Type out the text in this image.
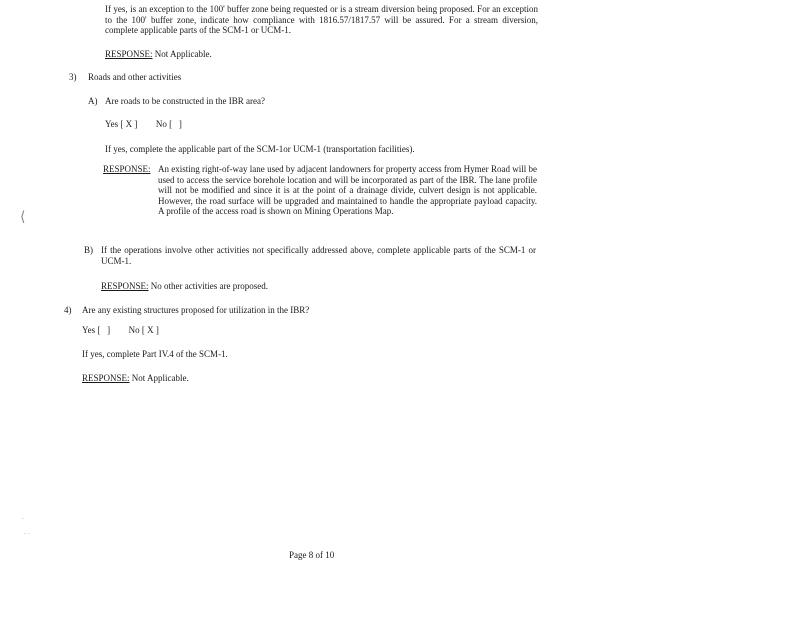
If yes, is an exception to the 100' buffer zone being requested or is a stream diversion being proposed. For an exception to the 100' buffer zone, indicate how compliance with 1816.57/1817.57 will be assured. For a stream diversion, complete applicable parts of the SCM-1 or UCM-1.

RESPONSE: Not Applicable.
3) Roads and other activities
A) Are roads to be constructed in the IBR area?
Yes [ X ] No [   ]
If yes, complete the applicable part of the SCM-1or UCM-1 (transportation facilities).
RESPONSE: An existing right-of-way lane used by adjacent landowners for property access from Hymer Road will be used to access the service borehole location and will be incorporated as part of the IBR. The lane profile will not be modified and since it is at the point of a drainage divide, culvert design is not applicable. However, the road surface will be upgraded and maintained to handle the appropriate payload capacity. A profile of the access road is shown on Mining Operations Map.
B) If the operations involve other activities not specifically addressed above, complete applicable parts of the SCM-1 or UCM-1.

RESPONSE: No other activities are proposed.
4) Are any existing structures proposed for utilization in the IBR?
Yes [   ] No [ X ]
If yes, complete Part IV.4 of the SCM-1.
RESPONSE: Not Applicable.
Page 8 of 10
⟨
·
· ·
